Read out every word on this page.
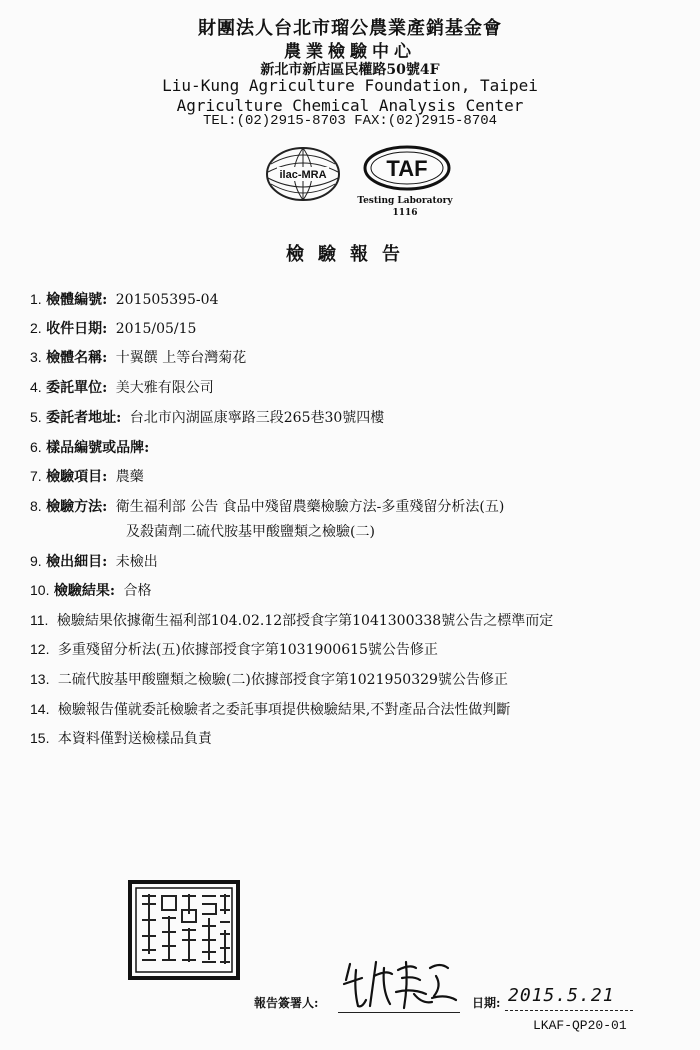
財團法人台北市瑠公農業產銷基金會
農業檢驗中心
新北市新店區民權路50號4F
Liu-Kung Agriculture Foundation, Taipei
Agriculture Chemical Analysis Center
TEL:(02)2915-8703 FAX:(02)2915-8704
ilac-MRA	TAF
Testing Laboratory
1116
檢驗報告
1. 檢體編號: 201505395-04
2. 收件日期: 2015/05/15
3. 檢體名稱: 十翼饌 上等台灣菊花
4. 委託單位: 美大雅有限公司
5. 委託者地址: 台北市內湖區康寧路三段265巷30號四樓
6. 樣品編號或品牌:
7. 檢驗項目: 農藥
8. 檢驗方法: 衛生福利部 公告 食品中殘留農藥檢驗方法-多重殘留分析法(五)
及殺菌劑二硫代胺基甲酸鹽類之檢驗(二)
9. 檢出細目: 未檢出
10. 檢驗結果: 合格
11. 檢驗結果依據衛生福利部104.02.12部授食字第1041300338號公告之標準而定
12. 多重殘留分析法(五)依據部授食字第1031900615號公告修正
13. 二硫代胺基甲酸鹽類之檢驗(二)依據部授食字第1021950329號公告修正
14. 檢驗報告僅就委託檢驗者之委託事項提供檢驗結果,不對產品合法性做判斷
15. 本資料僅對送檢樣品負責
報告簽署人:	日期: 2015.5.21
LKAF-QP20-01
